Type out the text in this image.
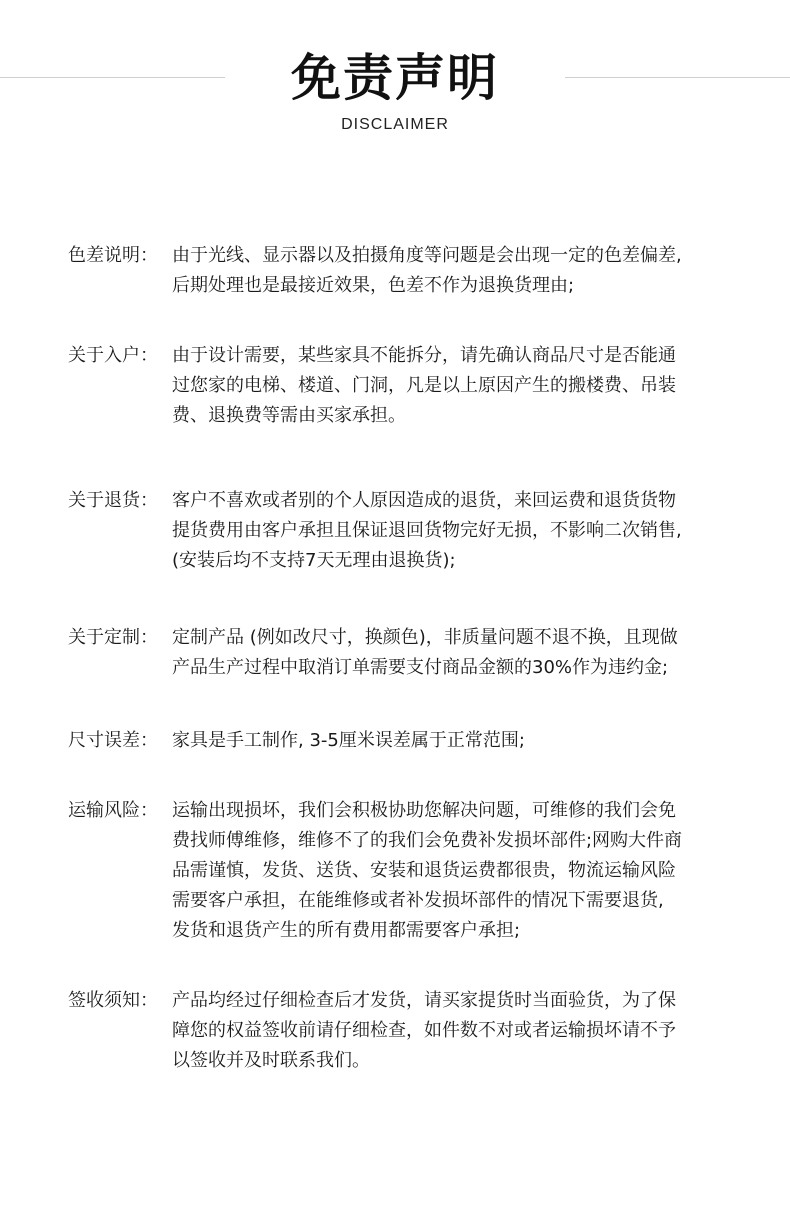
免责声明
DISCLAIMER
色差说明： 由于光线、显示器以及拍摄角度等问题是会出现一定的色差偏差,
后期处理也是最接近效果，色差不作为退换货理由;
关于入户： 由于设计需要，某些家具不能拆分，请先确认商品尺寸是否能通
过您家的电梯、楼道、门洞，凡是以上原因产生的搬楼费、吊装
费、退换费等需由买家承担。
关于退货： 客户不喜欢或者别的个人原因造成的退货，来回运费和退货货物
提货费用由客户承担且保证退回货物完好无损，不影响二次销售,
(安装后均不支持7天无理由退换货);
关于定制： 定制产品 (例如改尺寸，换颜色)，非质量问题不退不换，且现做
产品生产过程中取消订单需要支付商品金额的30%作为违约金;
尺寸误差： 家具是手工制作, 3-5厘米误差属于正常范围;
运输风险： 运输出现损坏，我们会积极协助您解决问题，可维修的我们会免
费找师傅维修，维修不了的我们会免费补发损坏部件;网购大件商
品需谨慎，发货、送货、安装和退货运费都很贵，物流运输风险
需要客户承担，在能维修或者补发损坏部件的情况下需要退货,
发货和退货产生的所有费用都需要客户承担;
签收须知： 产品均经过仔细检查后才发货，请买家提货时当面验货，为了保
障您的权益签收前请仔细检查，如件数不对或者运输损坏请不予
以签收并及时联系我们。
